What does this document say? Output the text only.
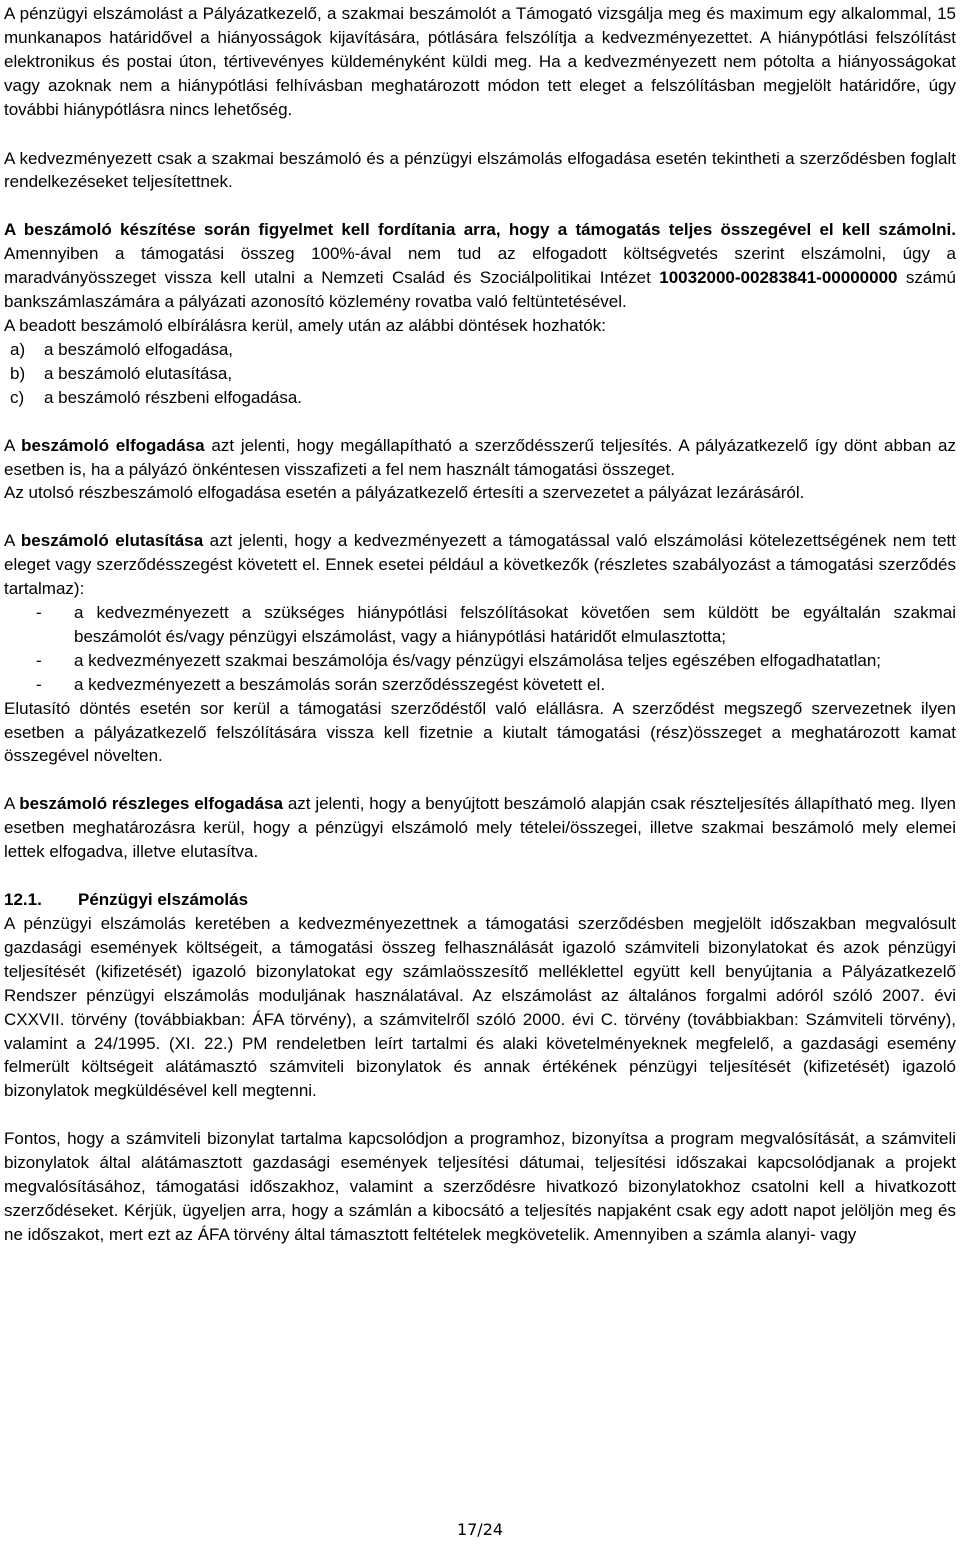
A pénzügyi elszámolást a Pályázatkezelő, a szakmai beszámolót a Támogató vizsgálja meg és maximum egy alkalommal, 15 munkanapos határidővel a hiányosságok kijavítására, pótlására felszólítja a kedvezményezettet. A hiánypótlási felszólítást elektronikus és postai úton, tértivevényes küldeményként küldi meg. Ha a kedvezményezett nem pótolta a hiányosságokat vagy azoknak nem a hiánypótlási felhívásban meghatározott módon tett eleget a felszólításban megjelölt határidőre, úgy további hiánypótlásra nincs lehetőség.

A kedvezményezett csak a szakmai beszámoló és a pénzügyi elszámolás elfogadása esetén tekintheti a szerződésben foglalt rendelkezéseket teljesítettnek.

A beszámoló készítése során figyelmet kell fordítania arra, hogy a támogatás teljes összegével el kell számolni. Amennyiben a támogatási összeg 100%-ával nem tud az elfogadott költségvetés szerint elszámolni, úgy a maradványösszeget vissza kell utalni a Nemzeti Család és Szociálpolitikai Intézet 10032000-00283841-00000000 számú bankszámlaszámára a pályázati azonosító közlemény rovatba való feltüntetésével.

A beadott beszámoló elbírálásra kerül, amely után az alábbi döntések hozhatók:

a)	a beszámoló elfogadása,
b)	a beszámoló elutasítása,
c)	a beszámoló részbeni elfogadása.

A beszámoló elfogadása azt jelenti, hogy megállapítható a szerződésszerű teljesítés. A pályázatkezelő így dönt abban az esetben is, ha a pályázó önkéntesen visszafizeti a fel nem használt támogatási összeget.

Az utolsó részbeszámoló elfogadása esetén a pályázatkezelő értesíti a szervezetet a pályázat lezárásáról.

A beszámoló elutasítása azt jelenti, hogy a kedvezményezett a támogatással való elszámolási kötelezettségének nem tett eleget vagy szerződésszegést követett el. Ennek esetei például a következők (részletes szabályozást a támogatási szerződés tartalmaz):

-	a kedvezményezett a szükséges hiánypótlási felszólításokat követően sem küldött be egyáltalán szakmai beszámolót és/vagy pénzügyi elszámolást, vagy a hiánypótlási határidőt elmulasztotta;
-	a kedvezményezett szakmai beszámolója és/vagy pénzügyi elszámolása teljes egészében elfogadhatatlan;
-	a kedvezményezett a beszámolás során szerződésszegést követett el.

Elutasító döntés esetén sor kerül a támogatási szerződéstől való elállásra. A szerződést megszegő szervezetnek ilyen esetben a pályázatkezelő felszólítására vissza kell fizetnie a kiutalt támogatási (rész)összeget a meghatározott kamat összegével növelten.

A beszámoló részleges elfogadása azt jelenti, hogy a benyújtott beszámoló alapján csak részteljesítés állapítható meg. Ilyen esetben meghatározásra kerül, hogy a pénzügyi elszámoló mely tételei/összegei, illetve szakmai beszámoló mely elemei lettek elfogadva, illetve elutasítva.

12.1.	Pénzügyi elszámolás

A pénzügyi elszámolás keretében a kedvezményezettnek a támogatási szerződésben megjelölt időszakban megvalósult gazdasági események költségeit, a támogatási összeg felhasználását igazoló számviteli bizonylatokat és azok pénzügyi teljesítését (kifizetését) igazoló bizonylatokat egy számlaösszesítő melléklettel együtt kell benyújtania a Pályázatkezelő Rendszer pénzügyi elszámolás moduljának használatával. Az elszámolást az általános forgalmi adóról szóló 2007. évi CXXVII. törvény (továbbiakban: ÁFA törvény), a számvitelről szóló 2000. évi C. törvény (továbbiakban: Számviteli törvény), valamint a 24/1995. (XI. 22.) PM rendeletben leírt tartalmi és alaki követelményeknek megfelelő, a gazdasági esemény felmerült költségeit alátámasztó számviteli bizonylatok és annak értékének pénzügyi teljesítését (kifizetését) igazoló bizonylatok megküldésével kell megtenni.

Fontos, hogy a számviteli bizonylat tartalma kapcsolódjon a programhoz, bizonyítsa a program megvalósítását, a számviteli bizonylatok által alátámasztott gazdasági események teljesítési dátumai, teljesítési időszakai kapcsolódjanak a projekt megvalósításához, támogatási időszakhoz, valamint a szerződésre hivatkozó bizonylatokhoz csatolni kell a hivatkozott szerződéseket. Kérjük, ügyeljen arra, hogy a számlán a kibocsátó a teljesítés napjaként csak egy adott napot jelöljön meg és ne időszakot, mert ezt az ÁFA törvény által támasztott feltételek megkövetelik. Amennyiben a számla alanyi- vagy

17/24
